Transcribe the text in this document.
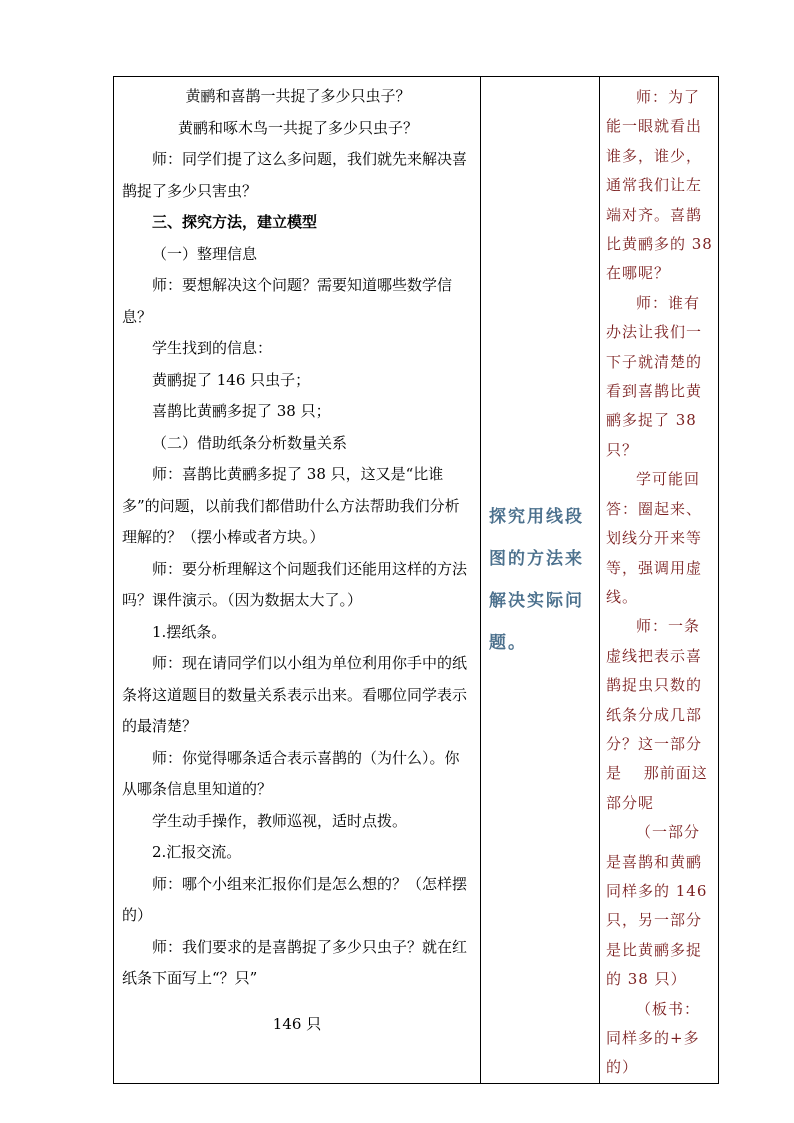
黄鹂和喜鹊一共捉了多少只虫子？

黄鹂和啄木鸟一共捉了多少只虫子？

师：同学们提了这么多问题，我们就先来解决喜鹊捉了多少只害虫？

三、探究方法，建立模型

（一）整理信息

师：要想解决这个问题？需要知道哪些数学信息？

学生找到的信息：

黄鹂捉了 146 只虫子；

喜鹊比黄鹂多捉了 38 只；

（二）借助纸条分析数量关系

师：喜鹊比黄鹂多捉了 38 只，这又是“比谁多”的问题，以前我们都借助什么方法帮助我们分析理解的？（摆小棒或者方块。）

师：要分析理解这个问题我们还能用这样的方法吗？课件演示。（因为数据太大了。）

1.摆纸条。

师：现在请同学们以小组为单位利用你手中的纸条将这道题目的数量关系表示出来。看哪位同学表示的最清楚？

师：你觉得哪条适合表示喜鹊的（为什么）。你从哪条信息里知道的？

学生动手操作，教师巡视，适时点拨。

2.汇报交流。

师：哪个小组来汇报你们是怎么想的？（怎样摆的）

师：我们要求的是喜鹊捉了多少只虫子？就在红纸条下面写上“？只”

146 只

探究用线段图的方法来解决实际问题。

师：为了能一眼就看出谁多，谁少，通常我们让左端对齐。喜鹊比黄鹂多的 38 在哪呢？

师：谁有办法让我们一下子就清楚的看到喜鹊比黄鹂多捉了 38 只？

学可能回答：圈起来、划线分开来等等，强调用虚线。

师：一条虚线把表示喜鹊捉虫只数的纸条分成几部分？这一部分是　 那前面这部分呢

（一部分是喜鹊和黄鹂同样多的 146 只，另一部分是比黄鹂多捉的 38 只）

（板书：同样多的+多的）
